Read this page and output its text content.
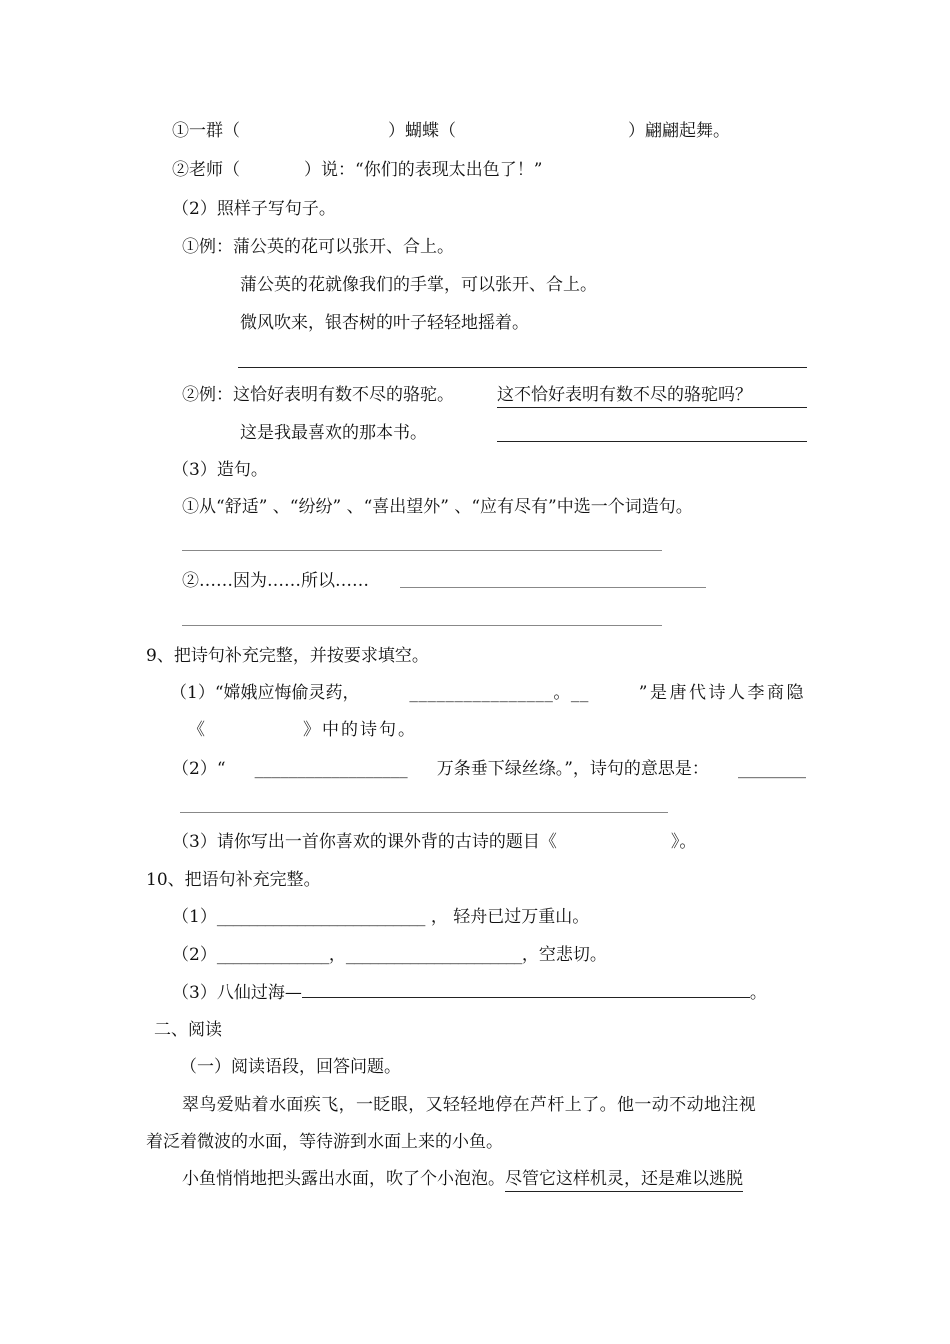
①一群（	）蝴蝶（	）翩翩起舞。
②老师（	）说：“你们的表现太出色了！”
（2）照样子写句子。
①例：蒲公英的花可以张开、合上。
蒲公英的花就像我们的手掌，可以张开、合上。
微风吹来，银杏树的叶子轻轻地摇着。
②例：这恰好表明有数不尽的骆驼。	这不恰好表明有数不尽的骆驼吗？
这是我最喜欢的那本书。
（3）造句。
①从“舒适” 、“纷纷” 、“喜出望外” 、“应有尽有”中选一个词造句。
②……因为……所以……
9、把诗句补充完整，并按要求填空。
（1）“嫦娥应悔偷灵药，	________________。__	”是唐代诗人李商隐
《	》中的诗句。
（2）“ __________________ 万条垂下绿丝绦。”，诗句的意思是： ________
（3）请你写出一首你喜欢的课外背的古诗的题目《	》。
10、把语句补充完整。
（1）__________________________ ， 轻舟已过万重山。
（2）______________，______________________，空悲切。
（3）八仙过海—	。
二、阅读
（一）阅读语段，回答问题。
翠鸟爱贴着水面疾飞，一眨眼，又轻轻地停在芦杆上了。他一动不动地注视
着泛着微波的水面，等待游到水面上来的小鱼。
小鱼悄悄地把头露出水面，吹了个小泡泡。尽管它这样机灵，还是难以逃脱
